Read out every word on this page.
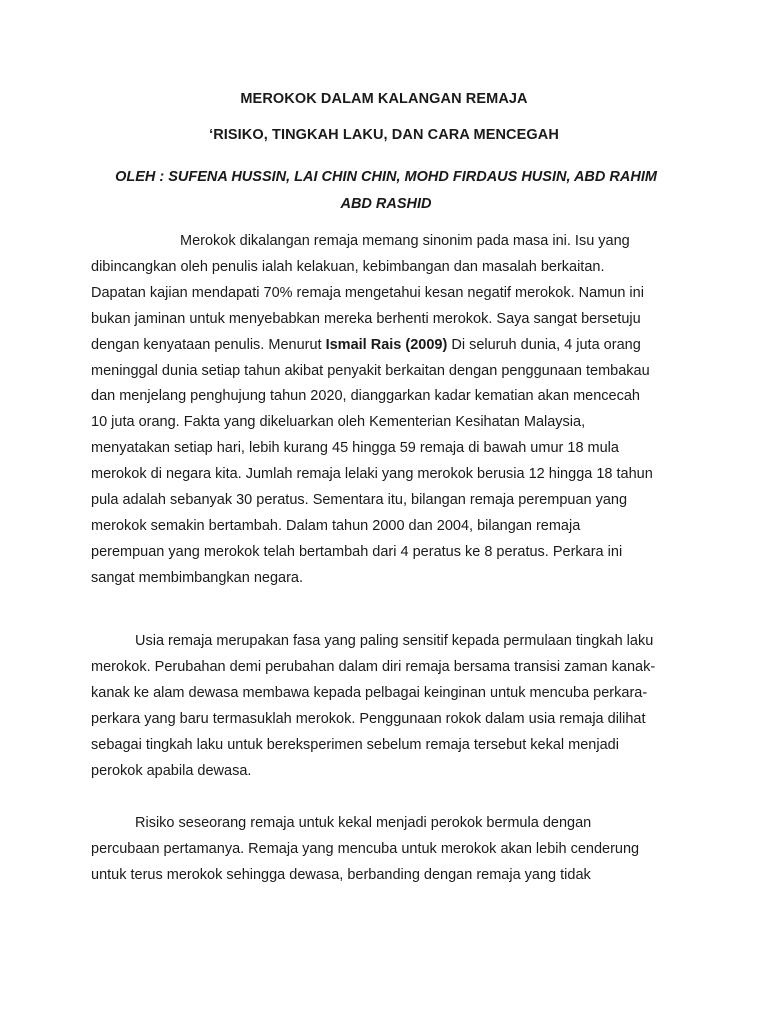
MEROKOK DALAM KALANGAN REMAJA
‘RISIKO, TINGKAH LAKU, DAN CARA MENCEGAH
OLEH : SUFENA HUSSIN, LAI CHIN CHIN, MOHD FIRDAUS HUSIN, ABD RAHIM
ABD RASHID
Merokok dikalangan remaja memang sinonim pada masa ini. Isu yang
dibincangkan oleh penulis ialah kelakuan, kebimbangan dan masalah berkaitan.
Dapatan kajian mendapati 70% remaja mengetahui kesan negatif merokok. Namun ini
bukan jaminan untuk menyebabkan mereka berhenti merokok. Saya sangat bersetuju
dengan kenyataan penulis. Menurut Ismail Rais (2009) Di seluruh dunia, 4 juta orang
meninggal dunia setiap tahun akibat penyakit berkaitan dengan penggunaan tembakau
dan menjelang penghujung tahun 2020, dianggarkan kadar kematian akan mencecah
10 juta orang. Fakta yang dikeluarkan oleh Kementerian Kesihatan Malaysia,
menyatakan setiap hari, lebih kurang 45 hingga 59 remaja di bawah umur 18 mula
merokok di negara kita. Jumlah remaja lelaki yang merokok berusia 12 hingga 18 tahun
pula adalah sebanyak 30 peratus. Sementara itu, bilangan remaja perempuan yang
merokok semakin bertambah. Dalam tahun 2000 dan 2004, bilangan remaja
perempuan yang merokok telah bertambah dari 4 peratus ke 8 peratus. Perkara ini
sangat membimbangkan negara.
Usia remaja merupakan fasa yang paling sensitif kepada permulaan tingkah laku
merokok. Perubahan demi perubahan dalam diri remaja bersama transisi zaman kanak-
kanak ke alam dewasa membawa kepada pelbagai keinginan untuk mencuba perkara-
perkara yang baru termasuklah merokok. Penggunaan rokok dalam usia remaja dilihat
sebagai tingkah laku untuk bereksperimen sebelum remaja tersebut kekal menjadi
perokok apabila dewasa.
Risiko seseorang remaja untuk kekal menjadi perokok bermula dengan
percubaan pertamanya. Remaja yang mencuba untuk merokok akan lebih cenderung
untuk terus merokok sehingga dewasa, berbanding dengan remaja yang tidak
